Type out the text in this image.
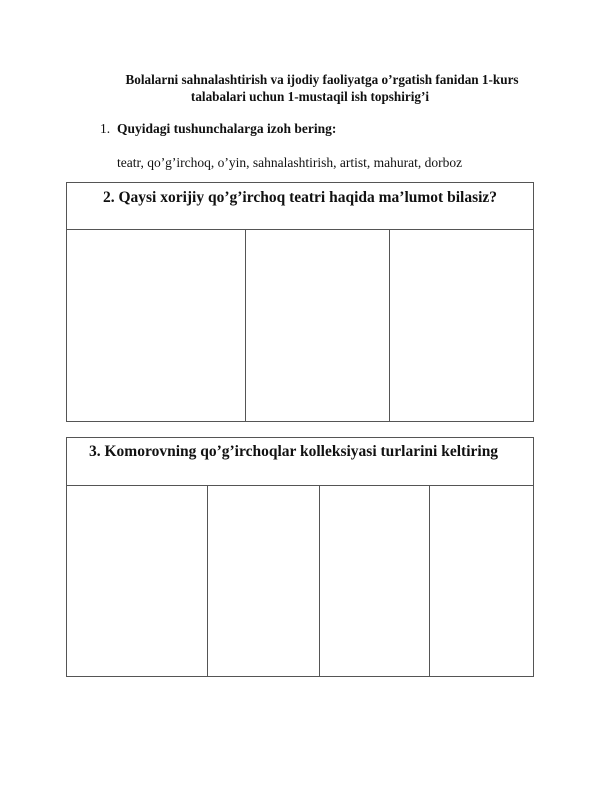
Bolalarni sahnalashtirish va ijodiy faoliyatga o’rgatish fanidan 1-kurs
talabalari uchun 1-mustaqil ish topshirig’i
1. Quyidagi tushunchalarga izoh bering:
teatr, qo’g’irchoq, o’yin, sahnalashtirish, artist, mahurat, dorboz
2. Qaysi xorijiy qo’g’irchoq teatri haqida ma’lumot bilasiz?
3. Komorovning qo’g’irchoqlar kolleksiyasi turlarini keltiring
